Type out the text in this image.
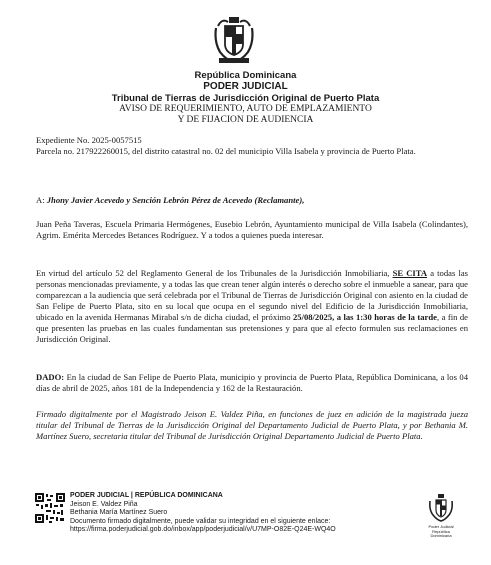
República Dominicana
PODER JUDICIAL
Tribunal de Tierras de Jurisdicción Original de Puerto Plata
AVISO DE REQUERIMIENTO, AUTO DE EMPLAZAMIENTO
Y DE FIJACION DE AUDIENCIA
Expediente No. 2025-0057515
Parcela no. 217922260015, del distrito catastral no. 02 del municipio Villa Isabela y provincia de Puerto Plata.
A: Jhony Javier Acevedo y Sención Lebrón Pérez de Acevedo (Reclamante),
Juan Peña Taveras, Escuela Primaria Hermógenes, Eusebio Lebrón, Ayuntamiento municipal de Villa Isabela (Colindantes), Agrim. Emérita Mercedes Betances Rodríguez. Y a todos a quienes pueda interesar.
En virtud del artículo 52 del Reglamento General de los Tribunales de la Jurisdicción Inmobiliaria, SE CITA a todas las personas mencionadas previamente, y a todas las que crean tener algún interés o derecho sobre el inmueble a sanear, para que comparezcan a la audiencia que será celebrada por el Tribunal de Tierras de Jurisdicción Original con asiento en la ciudad de San Felipe de Puerto Plata, sito en su local que ocupa en el segundo nivel del Edificio de la Jurisdicción Inmobiliaria, ubicado en la avenida Hermanas Mirabal s/n de dicha ciudad, el próximo 25/08/2025, a las 1:30 horas de la tarde, a fin de que presenten las pruebas en las cuales fundamentan sus pretensiones y para que al efecto formulen sus reclamaciones en Jurisdicción Original.
DADO: En la ciudad de San Felipe de Puerto Plata, municipio y provincia de Puerto Plata, República Dominicana, a los 04 días de abril de 2025, años 181 de la Independencia y 162 de la Restauración.
Firmado digitalmente por el Magistrado Jeison E. Valdez Piña, en funciones de juez en adición de la magistrada jueza titular del Tribunal de Tierras de la Jurisdicción Original del Departamento Judicial de Puerto Plata, y por Bethania M. Martínez Suero, secretaria titular del Tribunal de Jurisdicción Original Departamento Judicial de Puerto Plata.
PODER JUDICIAL | REPÚBLICA DOMINICANA
Jeison E. Valdez Piña
Bethania María Martínez Suero
Documento firmado digitalmente, puede validar su integridad en el siguiente enlace:
https://firma.poderjudicial.gob.do/inbox/app/poderjudicial/v/U7MP-O82E-Q24E-WQ4O	Poder Judicial República Dominicana
